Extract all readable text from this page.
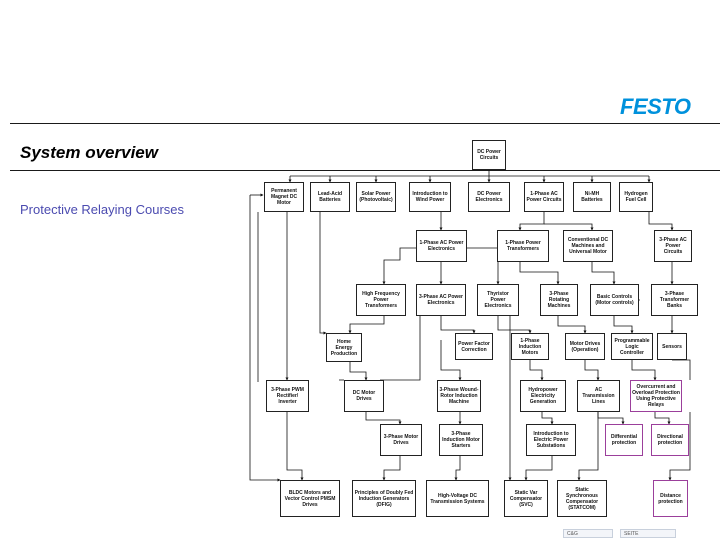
FESTO
System overview
Protective Relaying Courses
DC Power Circuits
Permanent Magnet DC Motor
Lead-Acid Batteries
Solar Power (Photovoltaic)
Introduction to Wind Power
DC Power Electronics
1-Phase AC Power Circuits
Ni-MH Batteries
Hydrogen Fuel Cell
1-Phase AC Power Electronics
1-Phase Power Transformers
Conventional DC Machines and Universal Motor
3-Phase AC Power Circuits
High Frequency Power Transformers
3-Phase AC Power Electronics
Thyristor Power Electronics
3-Phase Rotating Machines
Basic Controls (Motor controls)
3-Phase Transformer Banks
Home Energy Production
Power Factor Correction
1-Phase Induction Motors
Motor Drives (Operation)
Programmable Logic Controller
Sensors
3-Phase PWM Rectifier/ Inverter
DC Motor Drives
3-Phase Wound-Rotor Induction Machine
Hydropower Electricity Generation
AC Transmission Lines
Overcurrent and Overload Protection Using Protective Relays
3-Phase Motor Drives
3-Phase Induction Motor Starters
Introduction to Electric Power Substations
Differential protection
Directional protection
BLDC Motors and Vector Control PMSM Drives
Principles of Doubly Fed Induction Generators (DFIG)
High-Voltage DC Transmission Systems
Static Var Compensator (SVC)
Static Synchronous Compensator (STATCOM)
Distance protection
C&G	SEITE
